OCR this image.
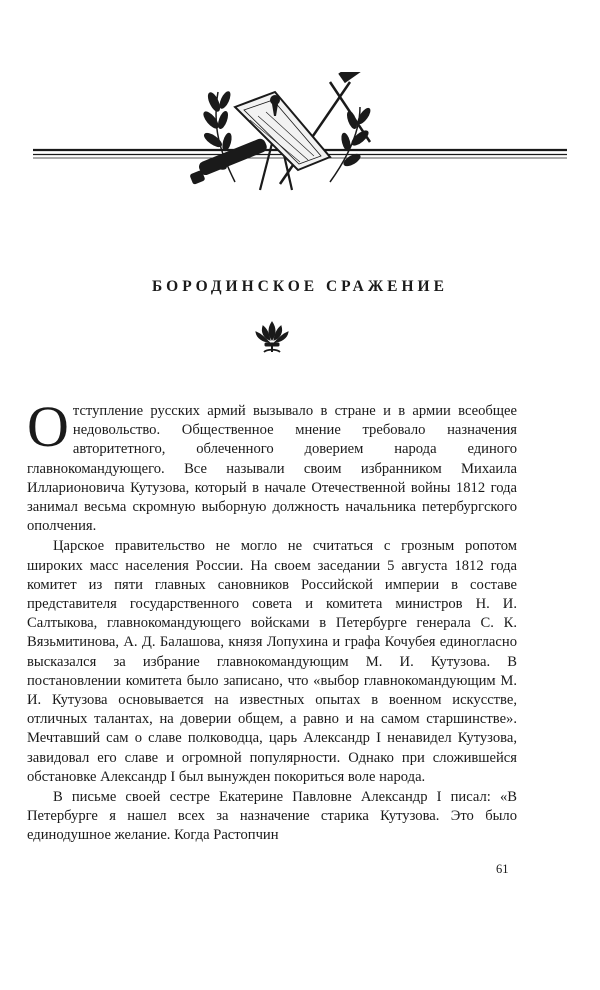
БОРОДИНСКОЕ СРАЖЕНИЕ

Отступление русских армий вызывало в стране и в армии всеобщее недовольство. Общественное мнение требовало назначения авторитетного, облеченного доверием народа единого главнокомандующего. Все называли своим избранником Михаила Илларионовича Кутузова, который в начале Отечественной войны 1812 года занимал весьма скромную выборную должность начальника петербургского ополчения.

Царское правительство не могло не считаться с грозным ропотом широких масс населения России. На своем заседании 5 августа 1812 года комитет из пяти главных сановников Российской империи в составе представителя государственного совета и комитета министров Н. И. Салтыкова, главнокомандующего войсками в Петербурге генерала С. К. Вязьмитинова, А. Д. Балашова, князя Лопухина и графа Кочубея единогласно высказался за избрание главнокомандующим М. И. Кутузова. В постановлении комитета было записано, что «выбор главнокомандующим М. И. Кутузова основывается на известных опытах в военном искусстве, отличных талантах, на доверии общем, а равно и на самом старшинстве». Мечтавший сам о славе полководца, царь Александр I ненавидел Кутузова, завидовал его славе и огромной популярности. Однако при сложившейся обстановке Александр I был вынужден покориться воле народа.

В письме своей сестре Екатерине Павловне Александр I писал: «В Петербурге я нашел всех за назначение старика Кутузова. Это было единодушное желание. Когда Растопчин

61
